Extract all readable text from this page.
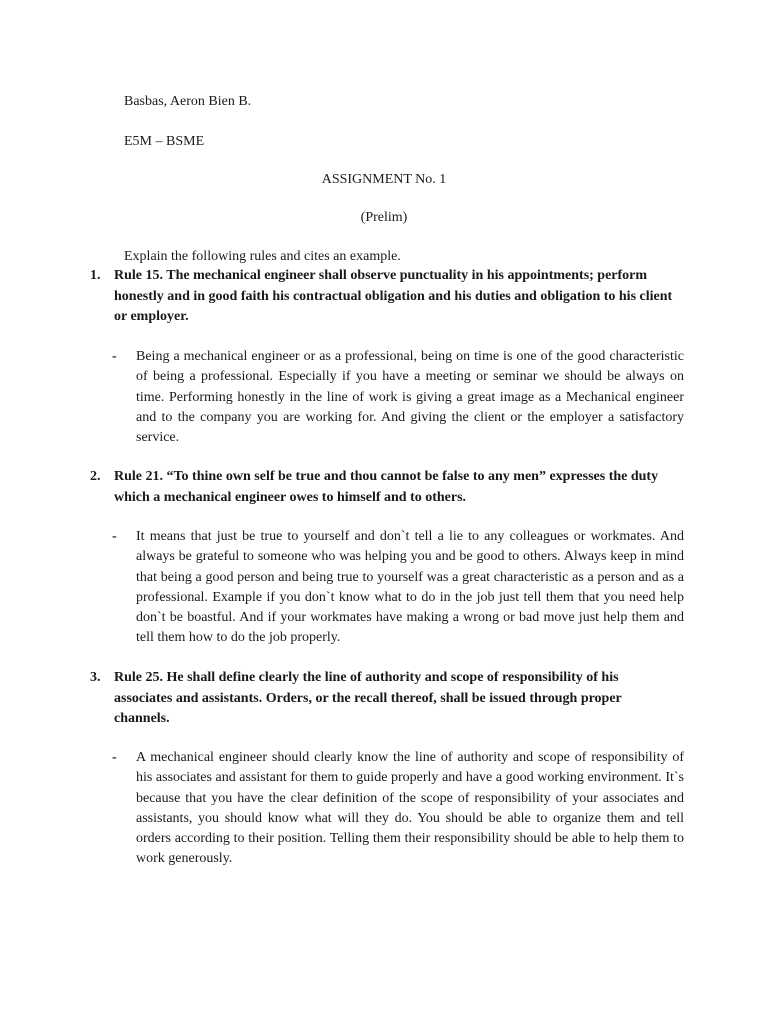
Basbas, Aeron Bien B.
E5M – BSME
ASSIGNMENT No. 1
(Prelim)
Explain the following rules and cites an example.
1. Rule 15. The mechanical engineer shall observe punctuality in his appointments; perform honestly and in good faith his contractual obligation and his duties and obligation to his client or employer.
- Being a mechanical engineer or as a professional, being on time is one of the good characteristic of being a professional. Especially if you have a meeting or seminar we should be always on time. Performing honestly in the line of work is giving a great image as a Mechanical engineer and to the company you are working for. And giving the client or the employer a satisfactory service.
2. Rule 21. “To thine own self be true and thou cannot be false to any men” expresses the duty which a mechanical engineer owes to himself and to others.
- It means that just be true to yourself and don`t tell a lie to any colleagues or workmates. And always be grateful to someone who was helping you and be good to others. Always keep in mind that being a good person and being true to yourself was a great characteristic as a person and as a professional. Example if you don`t know what to do in the job just tell them that you need help don`t be boastful. And if your workmates have making a wrong or bad move just help them and tell them how to do the job properly.
3. Rule 25. He shall define clearly the line of authority and scope of responsibility of his associates and assistants. Orders, or the recall thereof, shall be issued through proper channels.
- A mechanical engineer should clearly know the line of authority and scope of responsibility of his associates and assistant for them to guide properly and have a good working environment. It`s because that you have the clear definition of the scope of responsibility of your associates and assistants, you should know what will they do. You should be able to organize them and tell orders according to their position. Telling them their responsibility should be able to help them to work generously.
